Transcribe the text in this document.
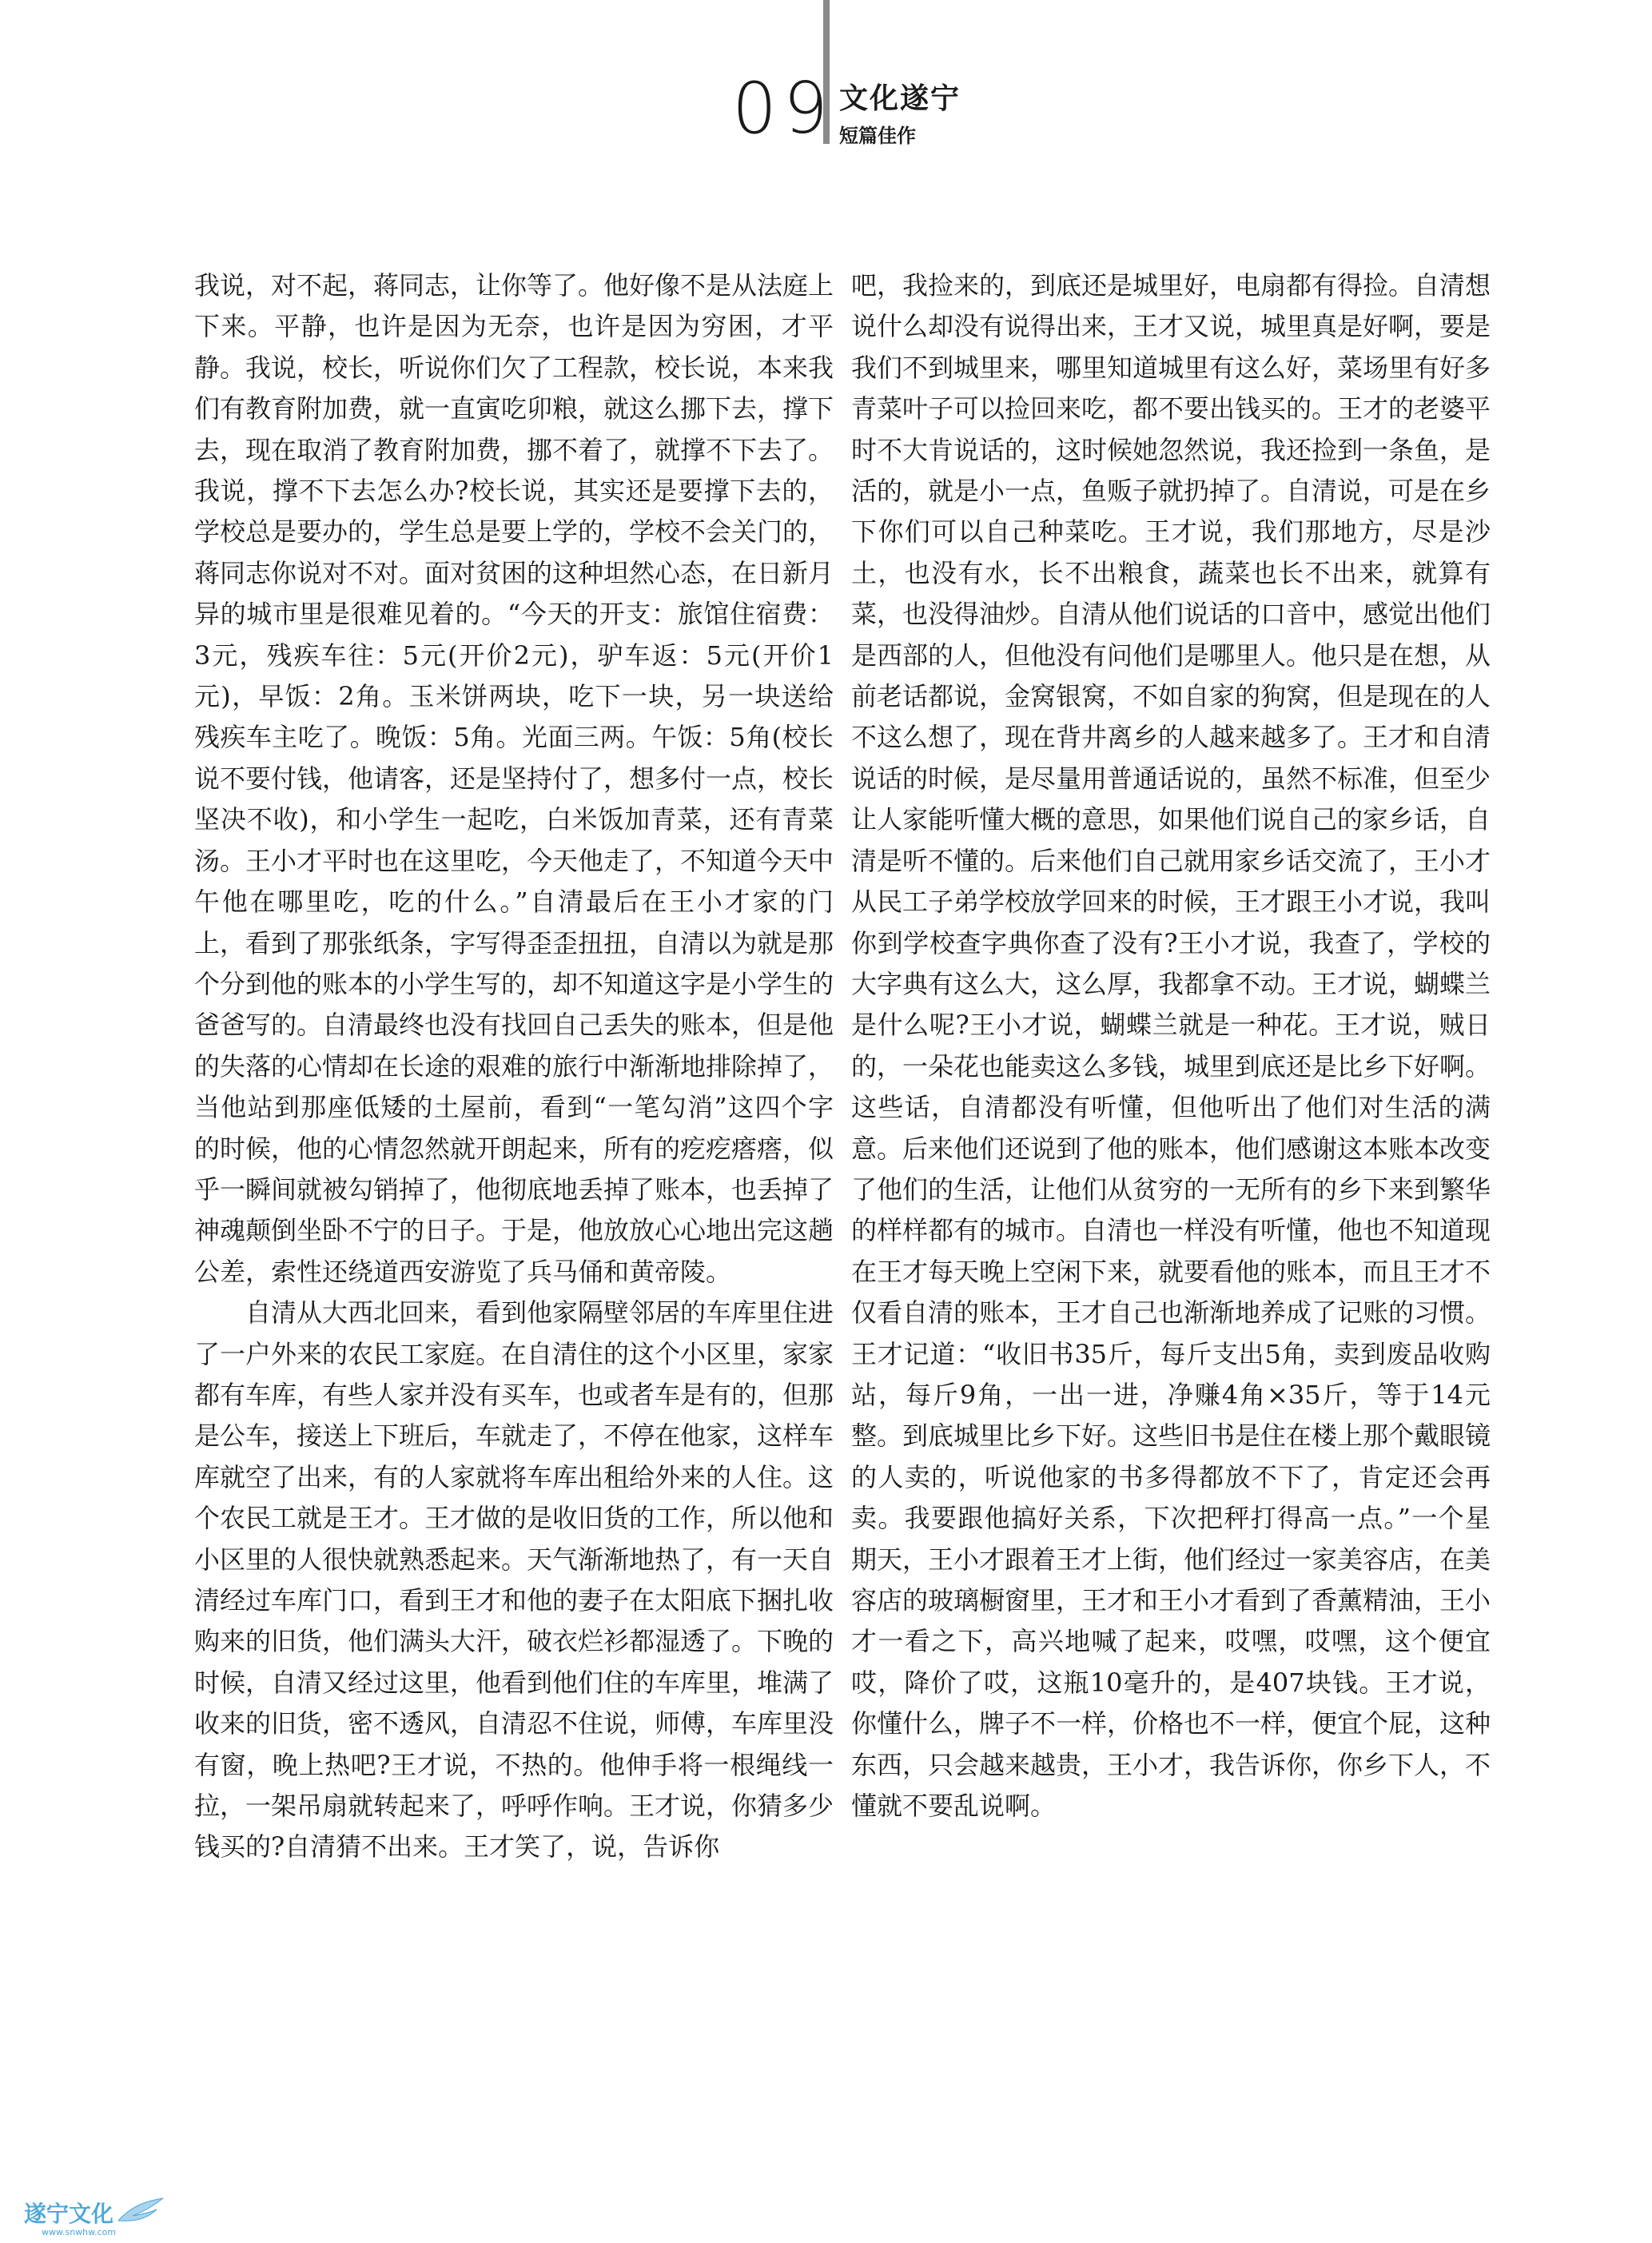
09 文化遂宁
短篇佳作

我说，对不起，蒋同志，让你等了。他好像不是从法庭上下来。平静，也许是因为无奈，也许是因为穷困，才平静。我说，校长，听说你们欠了工程款，校长说，本来我们有教育附加费，就一直寅吃卯粮，就这么挪下去，撑下去，现在取消了教育附加费，挪不着了，就撑不下去了。我说，撑不下去怎么办?校长说，其实还是要撑下去的，学校总是要办的，学生总是要上学的，学校不会关门的，蒋同志你说对不对。面对贫困的这种坦然心态，在日新月异的城市里是很难见着的。“今天的开支：旅馆住宿费：3元，残疾车往：5元(开价2元)，驴车返：5元(开价1元)，早饭：2角。玉米饼两块，吃下一块，另一块送给残疾车主吃了。晚饭：5角。光面三两。午饭：5角(校长说不要付钱，他请客，还是坚持付了，想多付一点，校长坚决不收)，和小学生一起吃，白米饭加青菜，还有青菜汤。王小才平时也在这里吃，今天他走了，不知道今天中午他在哪里吃，吃的什么。”自清最后在王小才家的门上，看到了那张纸条，字写得歪歪扭扭，自清以为就是那个分到他的账本的小学生写的，却不知道这字是小学生的爸爸写的。自清最终也没有找回自己丢失的账本，但是他的失落的心情却在长途的艰难的旅行中渐渐地排除掉了，当他站到那座低矮的土屋前，看到“一笔勾消”这四个字的时候，他的心情忽然就开朗起来，所有的疙疙瘩瘩，似乎一瞬间就被勾销掉了，他彻底地丢掉了账本，也丢掉了神魂颠倒坐卧不宁的日子。于是，他放放心心地出完这趟公差，索性还绕道西安游览了兵马俑和黄帝陵。

自清从大西北回来，看到他家隔壁邻居的车库里住进了一户外来的农民工家庭。在自清住的这个小区里，家家都有车库，有些人家并没有买车，也或者车是有的，但那是公车，接送上下班后，车就走了，不停在他家，这样车库就空了出来，有的人家就将车库出租给外来的人住。这个农民工就是王才。王才做的是收旧货的工作，所以他和小区里的人很快就熟悉起来。天气渐渐地热了，有一天自清经过车库门口，看到王才和他的妻子在太阳底下捆扎收购来的旧货，他们满头大汗，破衣烂衫都湿透了。下晚的时候，自清又经过这里，他看到他们住的车库里，堆满了收来的旧货，密不透风，自清忍不住说，师傅，车库里没有窗，晚上热吧?王才说，不热的。他伸手将一根绳线一拉，一架吊扇就转起来了，呼呼作响。王才说，你猜多少钱买的?自清猜不出来。王才笑了，说，告诉你

吧，我捡来的，到底还是城里好，电扇都有得捡。自清想说什么却没有说得出来，王才又说，城里真是好啊，要是我们不到城里来，哪里知道城里有这么好，菜场里有好多青菜叶子可以捡回来吃，都不要出钱买的。王才的老婆平时不大肯说话的，这时候她忽然说，我还捡到一条鱼，是活的，就是小一点，鱼贩子就扔掉了。自清说，可是在乡下你们可以自己种菜吃。王才说，我们那地方，尽是沙土，也没有水，长不出粮食，蔬菜也长不出来，就算有菜，也没得油炒。自清从他们说话的口音中，感觉出他们是西部的人，但他没有问他们是哪里人。他只是在想，从前老话都说，金窝银窝，不如自家的狗窝，但是现在的人不这么想了，现在背井离乡的人越来越多了。王才和自清说话的时候，是尽量用普通话说的，虽然不标准，但至少让人家能听懂大概的意思，如果他们说自己的家乡话，自清是听不懂的。后来他们自己就用家乡话交流了，王小才从民工子弟学校放学回来的时候，王才跟王小才说，我叫你到学校查字典你查了没有?王小才说，我查了，学校的大字典有这么大，这么厚，我都拿不动。王才说，蝴蝶兰是什么呢?王小才说，蝴蝶兰就是一种花。王才说，贼日的，一朵花也能卖这么多钱，城里到底还是比乡下好啊。这些话，自清都没有听懂，但他听出了他们对生活的满意。后来他们还说到了他的账本，他们感谢这本账本改变了他们的生活，让他们从贫穷的一无所有的乡下来到繁华的样样都有的城市。自清也一样没有听懂，他也不知道现在王才每天晚上空闲下来，就要看他的账本，而且王才不仅看自清的账本，王才自己也渐渐地养成了记账的习惯。王才记道：“收旧书35斤，每斤支出5角，卖到废品收购站，每斤9角，一出一进，净赚4角×35斤，等于14元整。到底城里比乡下好。这些旧书是住在楼上那个戴眼镜的人卖的，听说他家的书多得都放不下了，肯定还会再卖。我要跟他搞好关系，下次把秤打得高一点。”一个星期天，王小才跟着王才上街，他们经过一家美容店，在美容店的玻璃橱窗里，王才和王小才看到了香薰精油，王小才一看之下，高兴地喊了起来，哎嘿，哎嘿，这个便宜哎，降价了哎，这瓶10毫升的，是407块钱。王才说，你懂什么，牌子不一样，价格也不一样，便宜个屁，这种东西，只会越来越贵，王小才，我告诉你，你乡下人，不懂就不要乱说啊。

遂宁文化
www.snwhw.com
